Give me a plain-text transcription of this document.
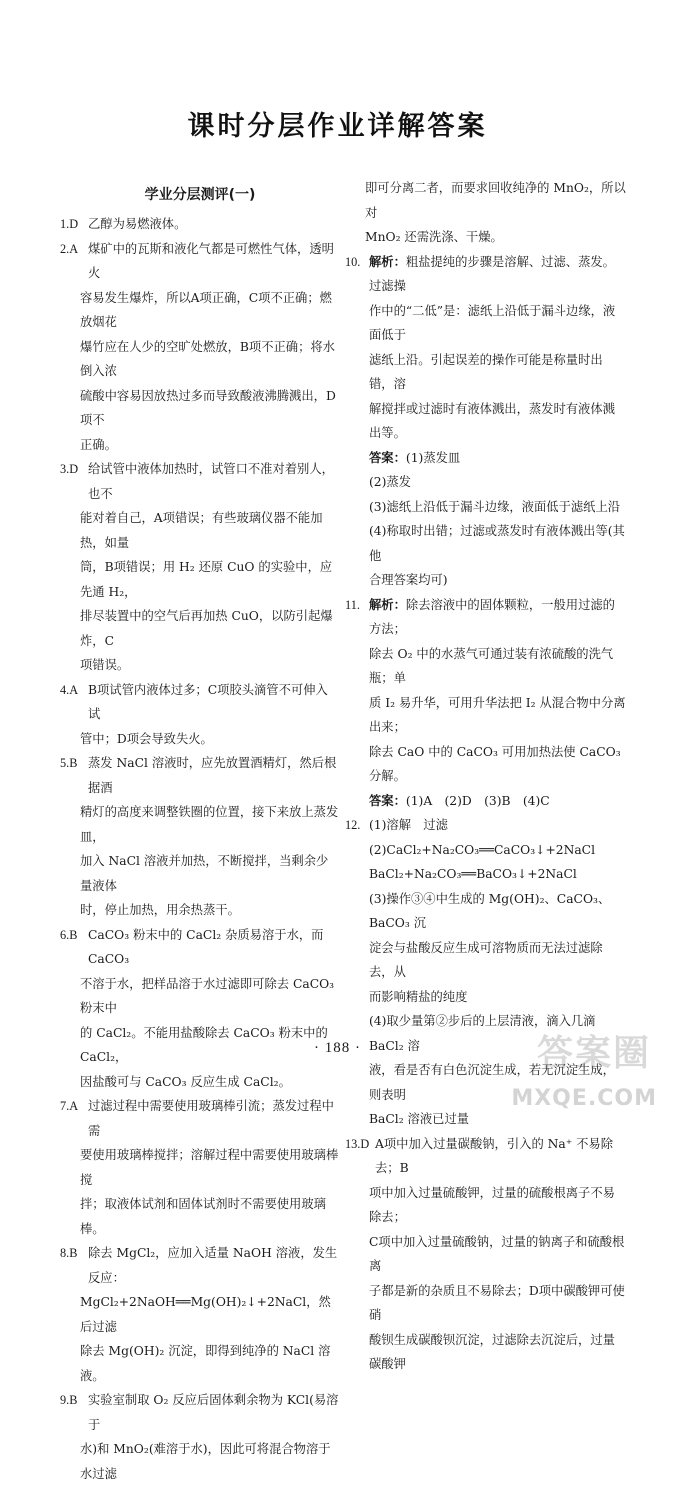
课时分层作业详解答案
学业分层测评(一)
1.D 乙醇为易燃液体。
2.A 煤矿中的瓦斯和液化气都是可燃性气体，透明火
容易发生爆炸，所以A项正确，C项不正确；燃放烟花
爆竹应在人少的空旷处燃放，B项不正确；将水倒入浓
硫酸中容易因放热过多而导致酸液沸腾溅出，D项不
正确。
3.D 给试管中液体加热时，试管口不准对着别人，也不
能对着自己，A项错误；有些玻璃仪器不能加热，如量
筒，B项错误；用 H₂ 还原 CuO 的实验中，应先通 H₂，
排尽装置中的空气后再加热 CuO，以防引起爆炸，C
项错误。
4.A B项试管内液体过多；C项胶头滴管不可伸入试
管中；D项会导致失火。
5.B 蒸发 NaCl 溶液时，应先放置酒精灯，然后根据酒
精灯的高度来调整铁圈的位置，接下来放上蒸发皿，
加入 NaCl 溶液并加热，不断搅拌，当剩余少量液体
时，停止加热，用余热蒸干。
6.B CaCO₃ 粉末中的 CaCl₂ 杂质易溶于水，而 CaCO₃
不溶于水，把样品溶于水过滤即可除去 CaCO₃ 粉末中
的 CaCl₂。不能用盐酸除去 CaCO₃ 粉末中的 CaCl₂，
因盐酸可与 CaCO₃ 反应生成 CaCl₂。
7.A 过滤过程中需要使用玻璃棒引流；蒸发过程中需
要使用玻璃棒搅拌；溶解过程中需要使用玻璃棒搅
拌；取液体试剂和固体试剂时不需要使用玻璃棒。
8.B 除去 MgCl₂，应加入适量 NaOH 溶液，发生反应：
MgCl₂+2NaOH══Mg(OH)₂↓+2NaCl，然后过滤
除去 Mg(OH)₂ 沉淀，即得到纯净的 NaCl 溶液。
9.B 实验室制取 O₂ 反应后固体剩余物为 KCl(易溶于
水)和 MnO₂(难溶于水)，因此可将混合物溶于水过滤
即可分离二者，而要求回收纯净的 MnO₂，所以对
MnO₂ 还需洗涤、干燥。
10. 解析：粗盐提纯的步骤是溶解、过滤、蒸发。过滤操
作中的“二低”是：滤纸上沿低于漏斗边缘，液面低于
滤纸上沿。引起误差的操作可能是称量时出错，溶
解搅拌或过滤时有液体溅出，蒸发时有液体溅出等。
答案：(1)蒸发皿
(2)蒸发
(3)滤纸上沿低于漏斗边缘，液面低于滤纸上沿
(4)称取时出错；过滤或蒸发时有液体溅出等(其他
合理答案均可)
11. 解析：除去溶液中的固体颗粒，一般用过滤的方法；
除去 O₂ 中的水蒸气可通过装有浓硫酸的洗气瓶；单
质 I₂ 易升华，可用升华法把 I₂ 从混合物中分离出来；
除去 CaO 中的 CaCO₃ 可用加热法使 CaCO₃ 分解。
答案：(1)A　(2)D　(3)B　(4)C
12. (1)溶解　过滤
(2)CaCl₂+Na₂CO₃══CaCO₃↓+2NaCl
BaCl₂+Na₂CO₃══BaCO₃↓+2NaCl
(3)操作③④中生成的 Mg(OH)₂、CaCO₃、BaCO₃ 沉
淀会与盐酸反应生成可溶物质而无法过滤除去，从
而影响精盐的纯度
(4)取少量第②步后的上层清液，滴入几滴 BaCl₂ 溶
液，看是否有白色沉淀生成，若无沉淀生成，则表明
BaCl₂ 溶液已过量
13.D A项中加入过量碳酸钠，引入的 Na⁺ 不易除去；B
项中加入过量硫酸钾，过量的硫酸根离子不易除去；
C项中加入过量硫酸钠，过量的钠离子和硫酸根离
子都是新的杂质且不易除去；D项中碳酸钾可使硝
酸钡生成碳酸钡沉淀，过滤除去沉淀后，过量碳酸钾
· 188 ·	答案圈
MXQE.COM
